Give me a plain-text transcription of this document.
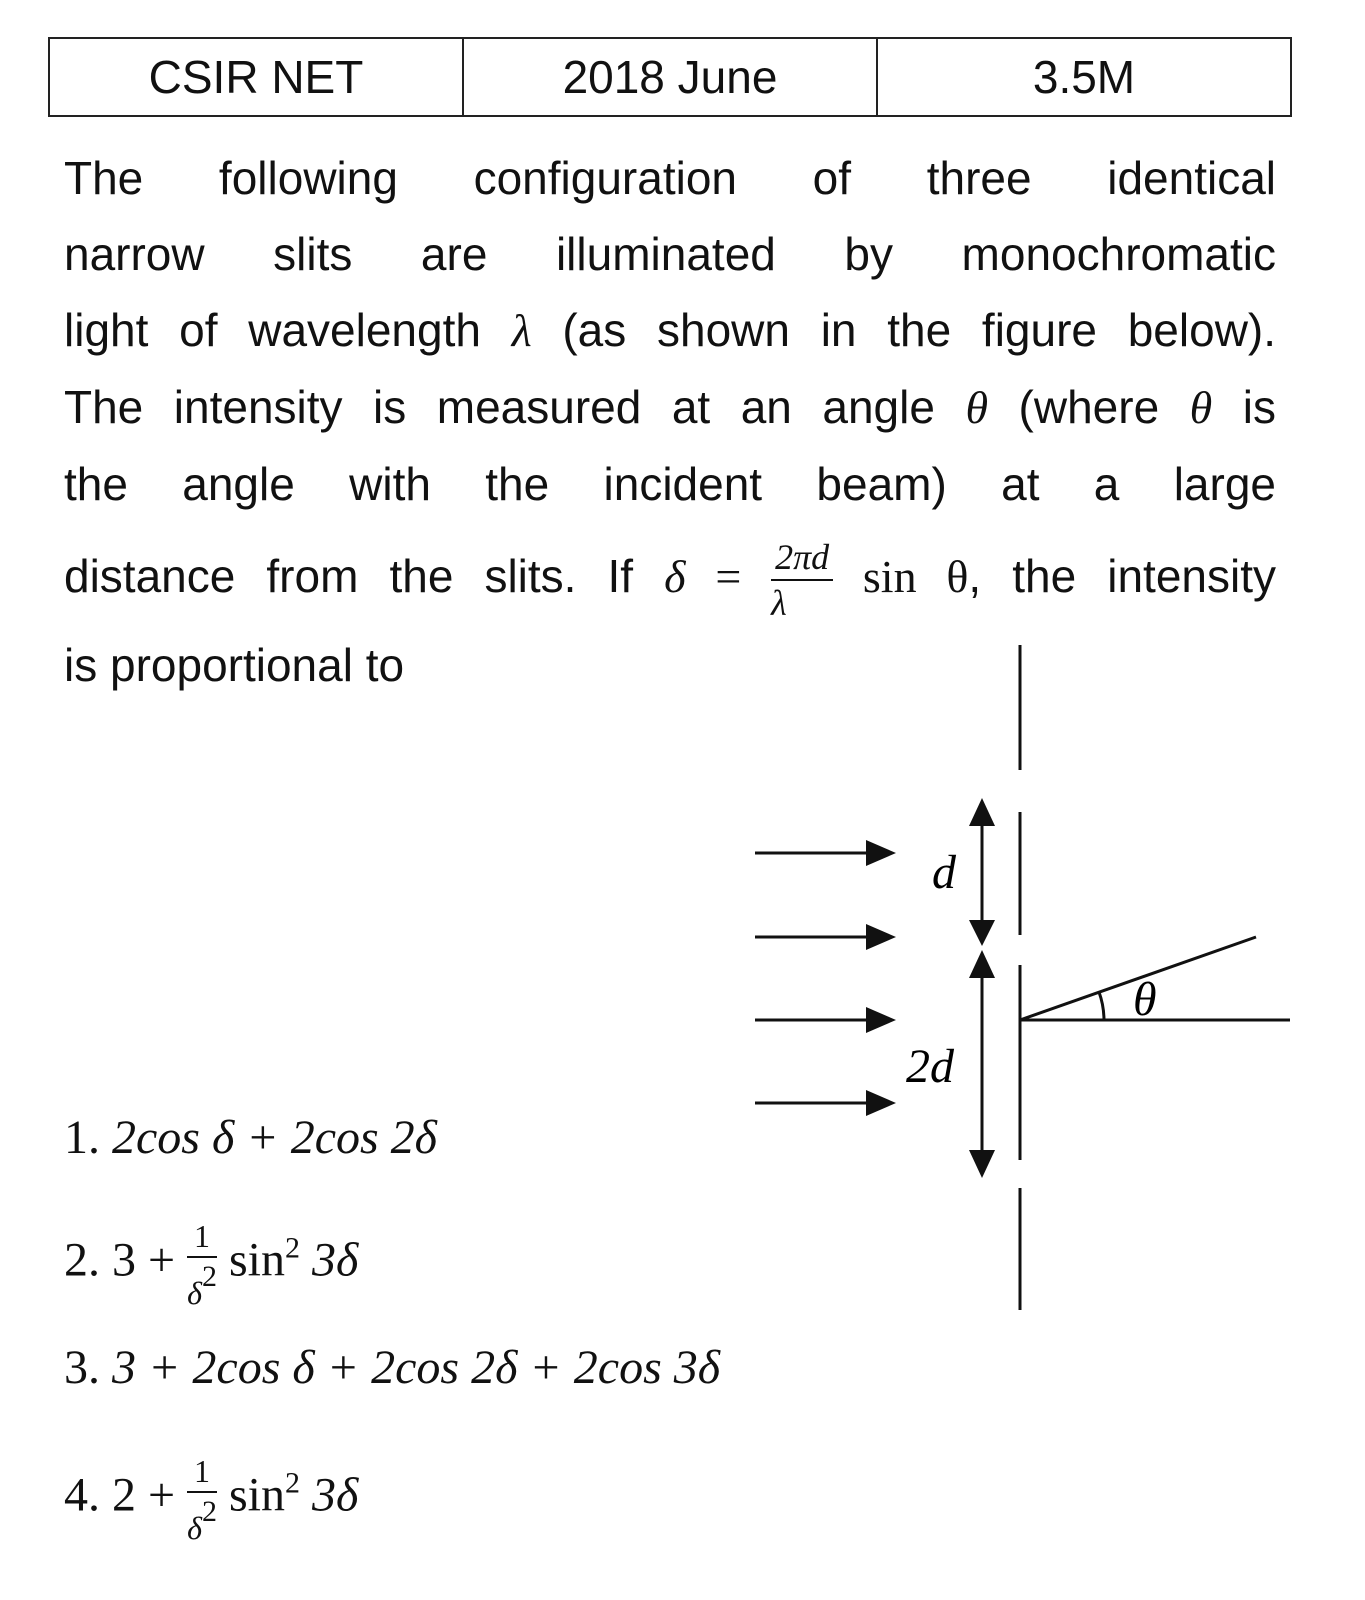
CSIR NET	2018 June	3.5M
The following configuration of three identical
narrow slits are illuminated by monochromatic
light of wavelength λ (as shown in the figure below).
The intensity is measured at an angle θ (where θ is
the angle with the incident beam) at a large
distance from the slits. If $\delta = \frac{2\pi d}{\lambda}$ sin θ, the intensity
is proportional to
1. 2cos δ + 2cos 2δ
2. $3 + \frac{1}{\delta^2} \sin^2 3\delta$
3. 3 + 2cos δ + 2cos 2δ + 2cos 3δ
4. $2 + \frac{1}{\delta^2} \sin^2 3\delta$
d
2d
θ
